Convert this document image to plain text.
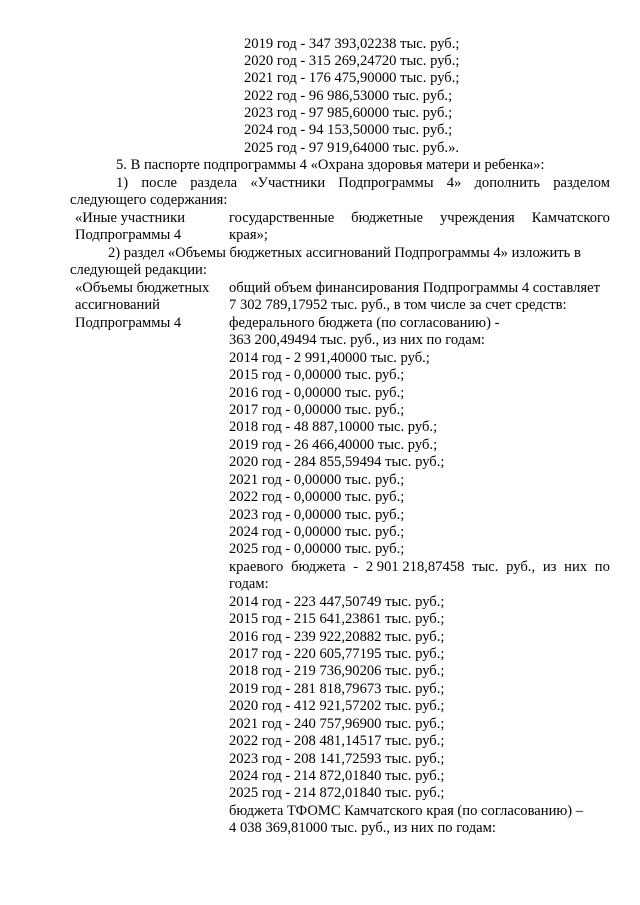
2019 год - 347 393,02238 тыс. руб.;
2020 год - 315 269,24720 тыс. руб.;
2021 год - 176 475,90000 тыс. руб.;
2022 год - 96 986,53000 тыс. руб.;
2023 год - 97 985,60000 тыс. руб.;
2024 год - 94 153,50000 тыс. руб.;
2025 год - 97 919,64000 тыс. руб.».
5. В паспорте подпрограммы 4 «Охрана здоровья матери и ребенка»:
1) после раздела «Участники Подпрограммы 4» дополнить разделом
следующего содержания:
«Иные участники
Подпрограммы 4
государственные бюджетные учреждения Камчатского
края»;
2) раздел «Объемы бюджетных ассигнований Подпрограммы 4» изложить в
следующей редакции:
«Объемы бюджетных
ассигнований
Подпрограммы 4
общий объем финансирования Подпрограммы 4 составляет
7 302 789,17952 тыс. руб., в том числе за счет средств:
федерального бюджета (по согласованию) -
363 200,49494 тыс. руб., из них по годам:
2014 год - 2 991,40000 тыс. руб.;
2015 год - 0,00000 тыс. руб.;
2016 год - 0,00000 тыс. руб.;
2017 год - 0,00000 тыс. руб.;
2018 год - 48 887,10000 тыс. руб.;
2019 год - 26 466,40000 тыс. руб.;
2020 год - 284 855,59494 тыс. руб.;
2021 год - 0,00000 тыс. руб.;
2022 год - 0,00000 тыс. руб.;
2023 год - 0,00000 тыс. руб.;
2024 год - 0,00000 тыс. руб.;
2025 год - 0,00000 тыс. руб.;
краевого бюджета - 2 901 218,87458 тыс. руб., из них по
годам:
2014 год - 223 447,50749 тыс. руб.;
2015 год - 215 641,23861 тыс. руб.;
2016 год - 239 922,20882 тыс. руб.;
2017 год - 220 605,77195 тыс. руб.;
2018 год - 219 736,90206 тыс. руб.;
2019 год - 281 818,79673 тыс. руб.;
2020 год - 412 921,57202 тыс. руб.;
2021 год - 240 757,96900 тыс. руб.;
2022 год - 208 481,14517 тыс. руб.;
2023 год - 208 141,72593 тыс. руб.;
2024 год - 214 872,01840 тыс. руб.;
2025 год - 214 872,01840 тыс. руб.;
бюджета ТФОМС Камчатского края (по согласованию) –
4 038 369,81000 тыс. руб., из них по годам:
